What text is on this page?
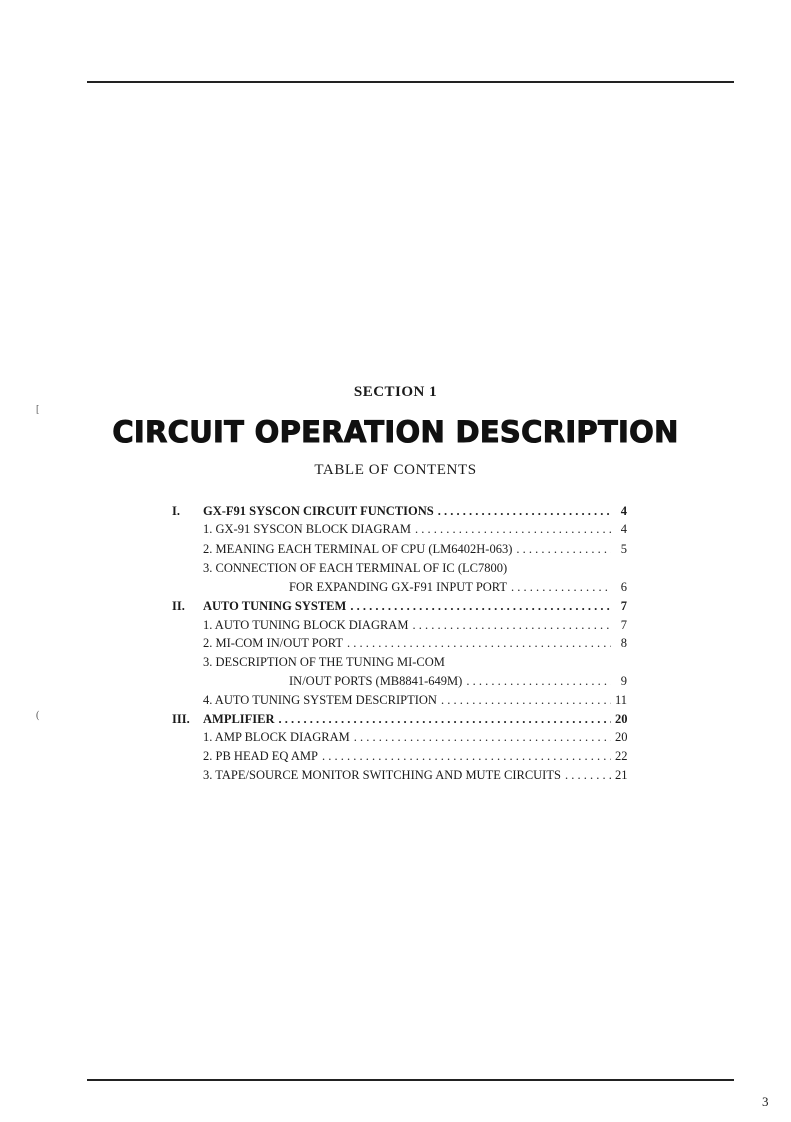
SECTION 1
CIRCUIT OPERATION DESCRIPTION
TABLE OF CONTENTS
I. GX-F91 SYSCON CIRCUIT FUNCTIONS . . .	4
1. GX-91 SYSCON BLOCK DIAGRAM . . .	4
2. MEANING EACH TERMINAL OF CPU (LM6402H-063) . . .	5
3. CONNECTION OF EACH TERMINAL OF IC (LC7800)
FOR EXPANDING GX-F91 INPUT PORT . . .	6
II. AUTO TUNING SYSTEM . . .	7
1. AUTO TUNING BLOCK DIAGRAM . . .	7
2. MI-COM IN/OUT PORT . . .	8
3. DESCRIPTION OF THE TUNING MI-COM
IN/OUT PORTS (MB8841-649M) . . .	9
4. AUTO TUNING SYSTEM DESCRIPTION . . .	11
III. AMPLIFIER . . .	20
1. AMP BLOCK DIAGRAM . . .	20
2. PB HEAD EQ AMP . . .	22
3. TAPE/SOURCE MONITOR SWITCHING AND MUTE CIRCUITS . . .	21
3
[
(
